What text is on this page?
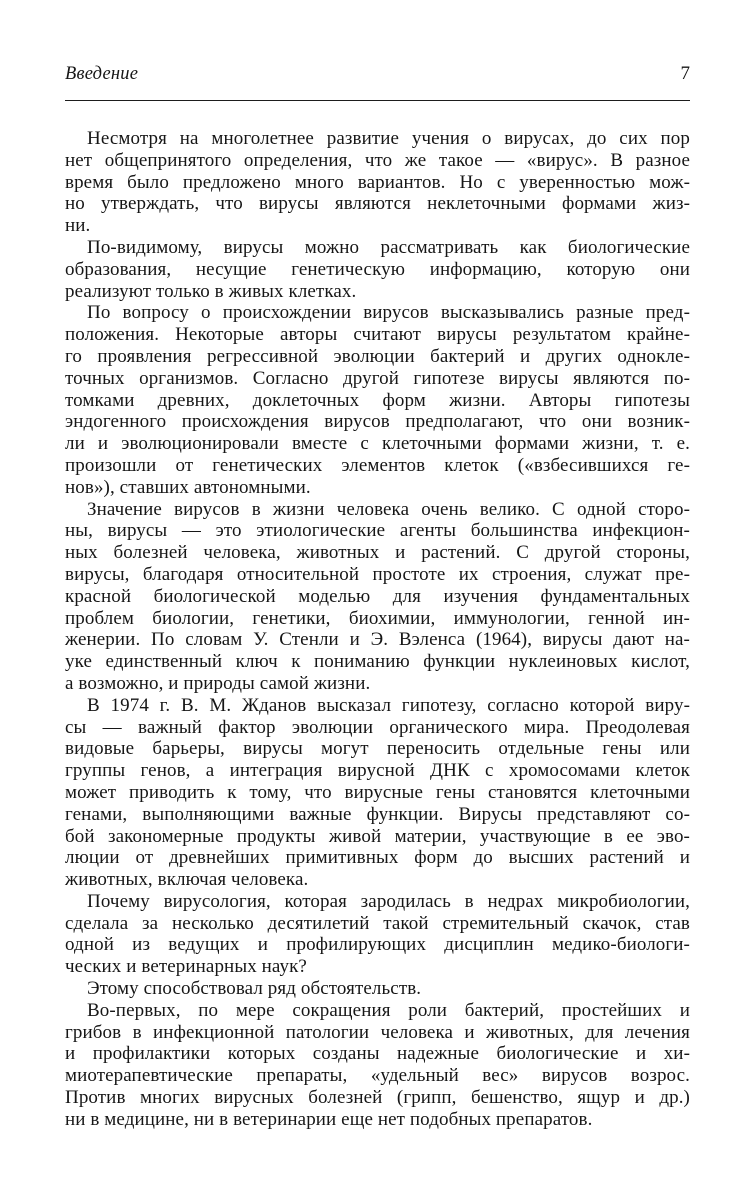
Введение	7

Несмотря на многолетнее развитие учения о вирусах, до сих пор
нет общепринятого определения, что же такое — «вирус». В разное
время было предложено много вариантов. Но с уверенностью мож-
но утверждать, что вирусы являются неклеточными формами жиз-
ни.

По-видимому, вирусы можно рассматривать как биологические
образования, несущие генетическую информацию, которую они
реализуют только в живых клетках.

По вопросу о происхождении вирусов высказывались разные пред-
положения. Некоторые авторы считают вирусы результатом крайне-
го проявления регрессивной эволюции бактерий и других однокле-
точных организмов. Согласно другой гипотезе вирусы являются по-
томками древних, доклеточных форм жизни. Авторы гипотезы
эндогенного происхождения вирусов предполагают, что они возник-
ли и эволюционировали вместе с клеточными формами жизни, т. е.
произошли от генетических элементов клеток («взбесившихся ге-
нов»), ставших автономными.

Значение вирусов в жизни человека очень велико. С одной сторо-
ны, вирусы — это этиологические агенты большинства инфекцион-
ных болезней человека, животных и растений. С другой стороны,
вирусы, благодаря относительной простоте их строения, служат пре-
красной биологической моделью для изучения фундаментальных
проблем биологии, генетики, биохимии, иммунологии, генной ин-
женерии. По словам У. Стенли и Э. Вэленса (1964), вирусы дают на-
уке единственный ключ к пониманию функции нуклеиновых кислот,
а возможно, и природы самой жизни.

В 1974 г. В. М. Жданов высказал гипотезу, согласно которой виру-
сы — важный фактор эволюции органического мира. Преодолевая
видовые барьеры, вирусы могут переносить отдельные гены или
группы генов, а интеграция вирусной ДНК с хромосомами клеток
может приводить к тому, что вирусные гены становятся клеточными
генами, выполняющими важные функции. Вирусы представляют со-
бой закономерные продукты живой материи, участвующие в ее эво-
люции от древнейших примитивных форм до высших растений и
животных, включая человека.

Почему вирусология, которая зародилась в недрах микробиологии,
сделала за несколько десятилетий такой стремительный скачок, став
одной из ведущих и профилирующих дисциплин медико-биологи-
ческих и ветеринарных наук?

Этому способствовал ряд обстоятельств.

Во-первых, по мере сокращения роли бактерий, простейших и
грибов в инфекционной патологии человека и животных, для лечения
и профилактики которых созданы надежные биологические и хи-
миотерапевтические препараты, «удельный вес» вирусов возрос.
Против многих вирусных болезней (грипп, бешенство, ящур и др.)
ни в медицине, ни в ветеринарии еще нет подобных препаратов.
